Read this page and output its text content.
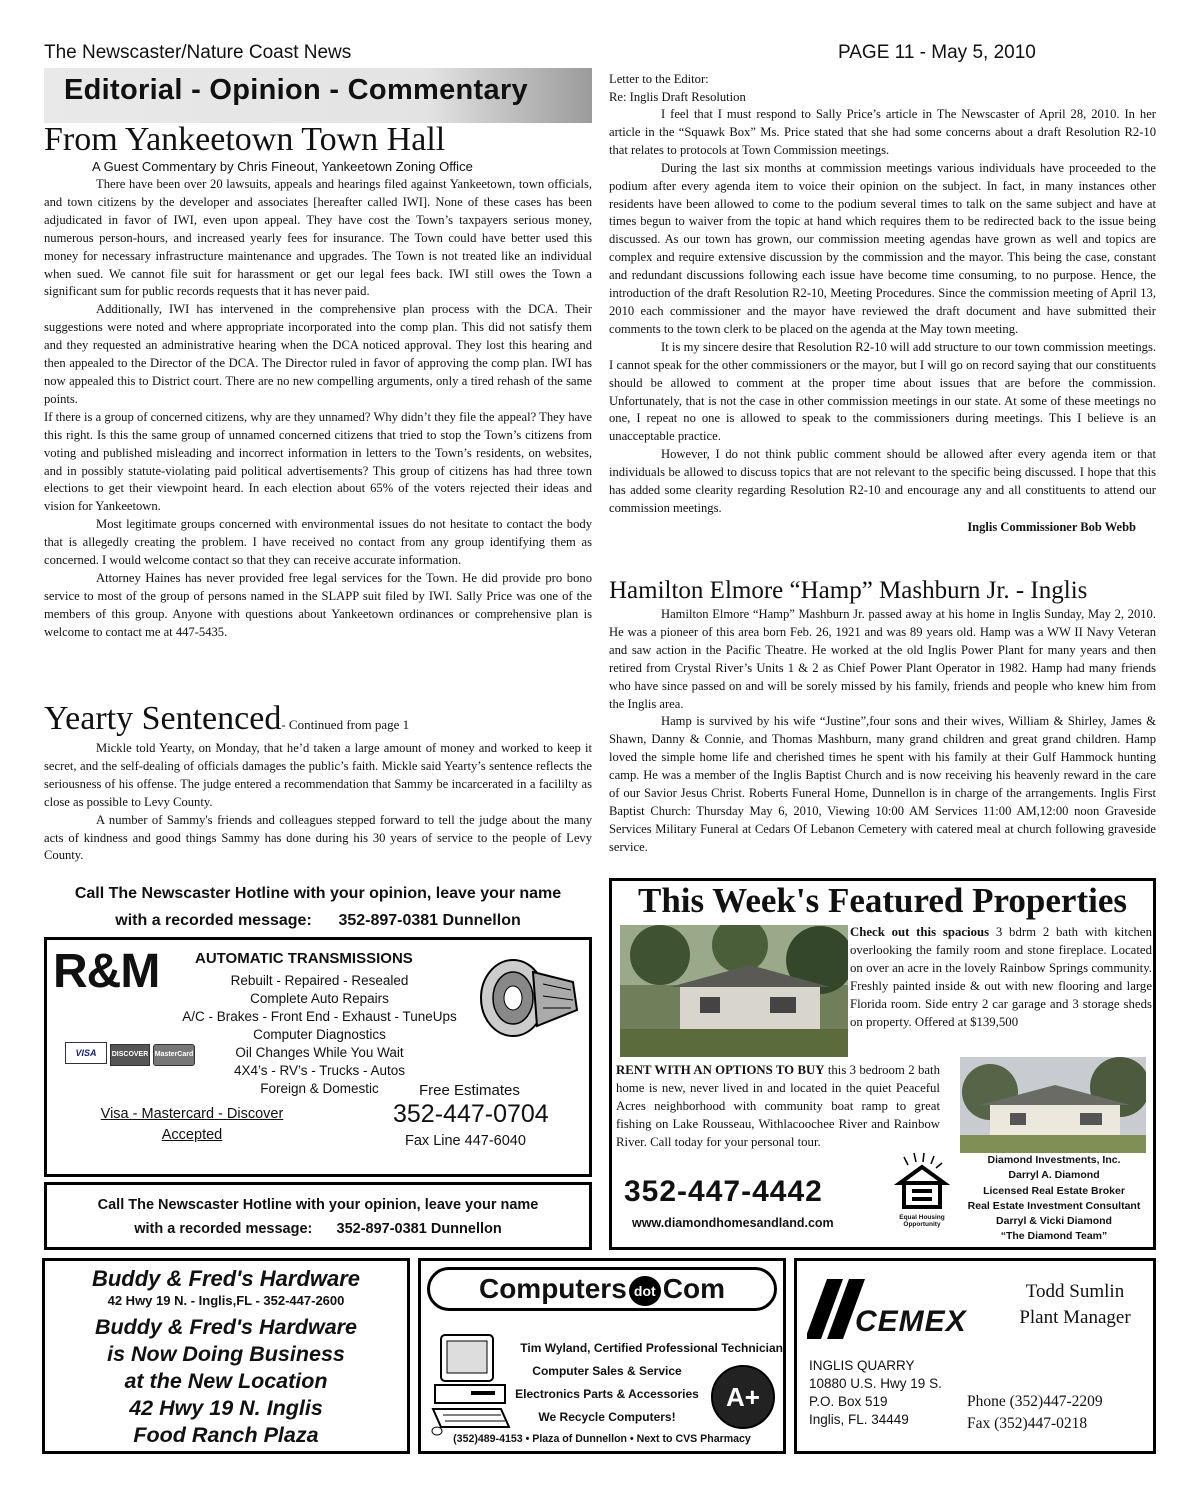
The Newscaster/Nature Coast News	PAGE 11 - May 5, 2010
Editorial - Opinion - Commentary
From Yankeetown Town Hall
A Guest Commentary by Chris Fineout, Yankeetown Zoning Office

There have been over 20 lawsuits, appeals and hearings filed against Yankeetown, town officials, and town citizens by the developer and associates [hereafter called IWI]. None of these cases has been adjudicated in favor of IWI, even upon appeal. They have cost the Town’s taxpayers serious money, numerous person-hours, and increased yearly fees for insurance. The Town could have better used this money for necessary infrastructure maintenance and upgrades. The Town is not treated like an individual when sued. We cannot file suit for harassment or get our legal fees back. IWI still owes the Town a significant sum for public records requests that it has never paid.

Additionally, IWI has intervened in the comprehensive plan process with the DCA. Their suggestions were noted and where appropriate incorporated into the comp plan. This did not satisfy them and they requested an administrative hearing when the DCA noticed approval. They lost this hearing and then appealed to the Director of the DCA. The Director ruled in favor of approving the comp plan. IWI has now appealed this to District court. There are no new compelling arguments, only a tired rehash of the same points.

If there is a group of concerned citizens, why are they unnamed? Why didn’t they file the appeal? They have this right. Is this the same group of unnamed concerned citizens that tried to stop the Town’s citizens from voting and published misleading and incorrect information in letters to the Town’s residents, on websites, and in possibly statute-violating paid political advertisements? This group of citizens has had three town elections to get their viewpoint heard. In each election about 65% of the voters rejected their ideas and vision for Yankeetown.

Most legitimate groups concerned with environmental issues do not hesitate to contact the body that is allegedly creating the problem. I have received no contact from any group identifying them as concerned. I would welcome contact so that they can receive accurate information.

Attorney Haines has never provided free legal services for the Town. He did provide pro bono service to most of the group of persons named in the SLAPP suit filed by IWI. Sally Price was one of the members of this group. Anyone with questions about Yankeetown ordinances or comprehensive plan is welcome to contact me at 447-5435.

Yearty Sentenced- Continued from page 1

Mickle told Yearty, on Monday, that he’d taken a large amount of money and worked to keep it secret, and the self-dealing of officials damages the public’s faith. Mickle said Yearty’s sentence reflects the seriousness of his offense. The judge entered a recommendation that Sammy be incarcerated in a facililty as close as possible to Levy County.

A number of Sammy's friends and colleagues stepped forward to tell the judge about the many acts of kindness and good things Sammy has done during his 30 years of service to the people of Levy County.

Call The Newscaster Hotline with your opinion, leave your name
with a recorded message: 352-897-0381 Dunnellon
R&M AUTOMATIC TRANSMISSIONS
Rebuilt - Repaired - Resealed
Complete Auto Repairs
A/C - Brakes - Front End - Exhaust - TuneUps
Computer Diagnostics
Oil Changes While You Wait
4X4’s - RV’s - Trucks - Autos
Foreign & Domestic
VISA DISCOVER MasterCard
Free Estimates
Visa - Mastercard - Discover
Accepted
352-447-0704
Fax Line 447-6040
Call The Newscaster Hotline with your opinion, leave your name
with a recorded message: 352-897-0381 Dunnellon
Letter to the Editor:
Re: Inglis Draft Resolution

I feel that I must respond to Sally Price’s article in The Newscaster of April 28, 2010. In her article in the “Squawk Box” Ms. Price stated that she had some concerns about a draft Resolution R2-10 that relates to protocols at Town Commission meetings.

During the last six months at commission meetings various individuals have proceeded to the podium after every agenda item to voice their opinion on the subject. In fact, in many instances other residents have been allowed to come to the podium several times to talk on the same subject and have at times begun to waiver from the topic at hand which requires them to be redirected back to the issue being discussed. As our town has grown, our commission meeting agendas have grown as well and topics are complex and require extensive discussion by the commission and the mayor. This being the case, constant and redundant discussions following each issue have become time consuming, to no purpose. Hence, the introduction of the draft Resolution R2-10, Meeting Procedures. Since the commission meeting of April 13, 2010 each commissioner and the mayor have reviewed the draft document and have submitted their comments to the town clerk to be placed on the agenda at the May town meeting.

It is my sincere desire that Resolution R2-10 will add structure to our town commission meetings. I cannot speak for the other commissioners or the mayor, but I will go on record saying that our constituents should be allowed to comment at the proper time about issues that are before the commission. Unfortunately, that is not the case in other commission meetings in our state. At some of these meetings no one, I repeat no one is allowed to speak to the commissioners during meetings. This I believe is an unacceptable practice.

However, I do not think public comment should be allowed after every agenda item or that individuals be allowed to discuss topics that are not relevant to the specific being discussed. I hope that this has added some clearity regarding Resolution R2-10 and encourage any and all constituents to attend our commission meetings.

Inglis Commissioner Bob Webb
Hamilton Elmore “Hamp” Mashburn Jr. - Inglis

Hamilton Elmore “Hamp” Mashburn Jr. passed away at his home in Inglis Sunday, May 2, 2010. He was a pioneer of this area born Feb. 26, 1921 and was 89 years old. Hamp was a WW II Navy Veteran and saw action in the Pacific Theatre. He worked at the old Inglis Power Plant for many years and then retired from Crystal River’s Units 1 & 2 as Chief Power Plant Operator in 1982. Hamp had many friends who have since passed on and will be sorely missed by his family, friends and people who knew him from the Inglis area.

Hamp is survived by his wife “Justine”,four sons and their wives, William & Shirley, James & Shawn, Danny & Connie, and Thomas Mashburn, many grand children and great grand children. Hamp loved the simple home life and cherished times he spent with his family at their Gulf Hammock hunting camp. He was a member of the Inglis Baptist Church and is now receiving his heavenly reward in the care of our Savior Jesus Christ. Roberts Funeral Home, Dunnellon is in charge of the arrangements. Inglis First Baptist Church: Thursday May 6, 2010, Viewing 10:00 AM Services 11:00 AM,12:00 noon Graveside Services Military Funeral at Cedars Of Lebanon Cemetery with catered meal at church following graveside service.

This Week's Featured Properties
Check out this spacious 3 bdrm 2 bath with kitchen overlooking the family room and stone fireplace. Located on over an acre in the lovely Rainbow Springs community. Freshly painted inside & out with new flooring and large Florida room. Side entry 2 car garage and 3 storage sheds on property. Offered at $139,500
RENT WITH AN OPTIONS TO BUY this 3 bedroom 2 bath home is new, never lived in and located in the quiet Peaceful Acres neighborhood with community boat ramp to great fishing on Lake Rousseau, Withlacoochee River and Rainbow River. Call today for your personal tour.
352-447-4442
www.diamondhomesandland.com	Equal Housing Opportunity
Diamond Investments, Inc.
Darryl A. Diamond
Licensed Real Estate Broker
Real Estate Investment Consultant
Darryl & Vicki Diamond
“The Diamond Team”
Buddy & Fred's Hardware
42 Hwy 19 N. - Inglis,FL - 352-447-2600
Buddy & Fred's Hardware
is Now Doing Business
at the New Location
42 Hwy 19 N. Inglis
Food Ranch Plaza
Computers dot Com
Tim Wyland, Certified Professional Technician
Computer Sales & Service
Electronics Parts & Accessories
We Recycle Computers!
A+
(352)489-4153 • Plaza of Dunnellon • Next to CVS Pharmacy
CEMEX
Todd Sumlin
Plant Manager
INGLIS QUARRY
10880 U.S. Hwy 19 S.
P.O. Box 519
Inglis, FL. 34449
Phone (352)447-2209
Fax (352)447-0218
